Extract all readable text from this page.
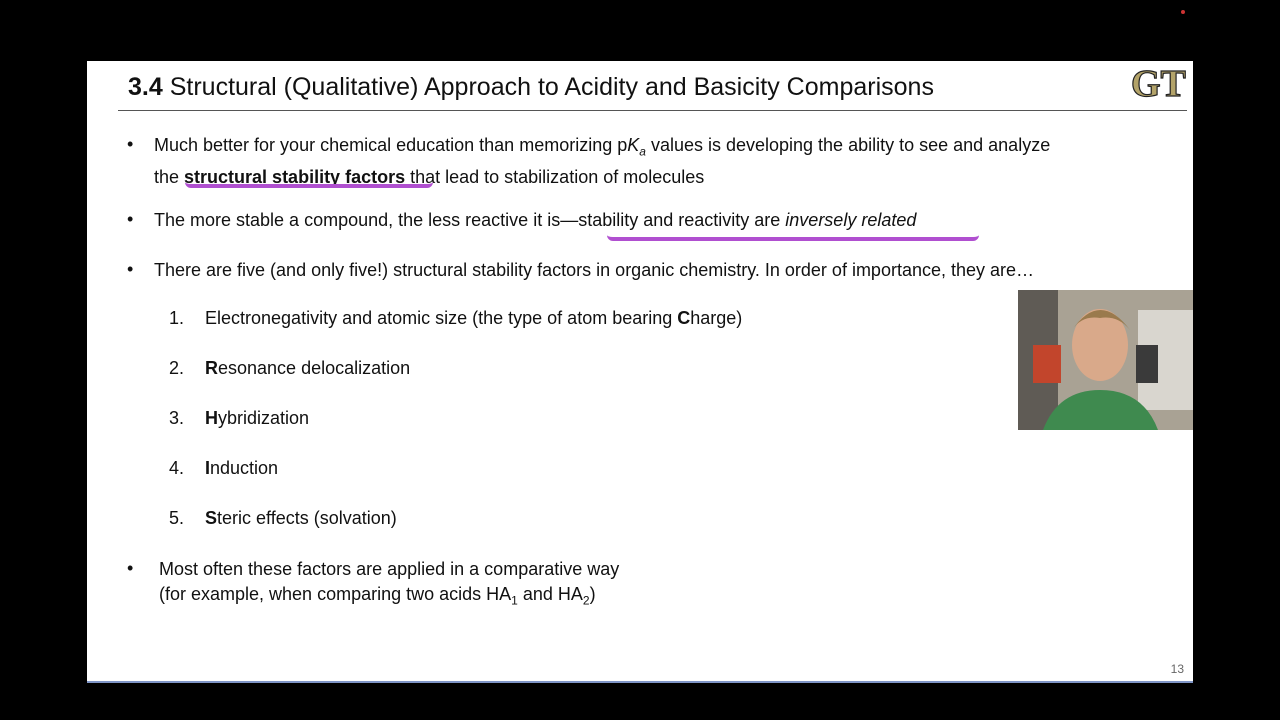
3.4 Structural (Qualitative) Approach to Acidity and Basicity Comparisons	GT
• Much better for your chemical education than memorizing $pK_a$ values is developing the ability to see and analyze
the structural stability factors that lead to stabilization of molecules
• The more stable a compound, the less reactive it is—stability and reactivity are inversely related
• There are five (and only five!) structural stability factors in organic chemistry. In order of importance, they are…
1. Electronegativity and atomic size (the type of atom bearing Charge)
2. Resonance delocalization
3. Hybridization
4. Induction
5. Steric effects (solvation)
• Most often these factors are applied in a comparative way
(for example, when comparing two acids $HA_1$ and $HA_2$)
13
